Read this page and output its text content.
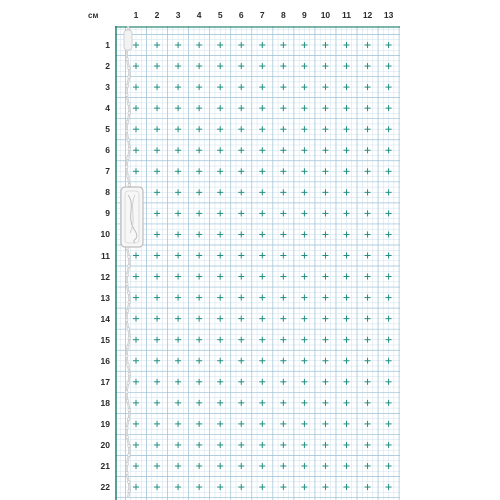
см	1 2 3 4 5 6 7 8 9 10 11 12 13
1
2
3
4
5
6
7
8
9
10
11
12
13
14
15
16
17
18
19
20
21
22
